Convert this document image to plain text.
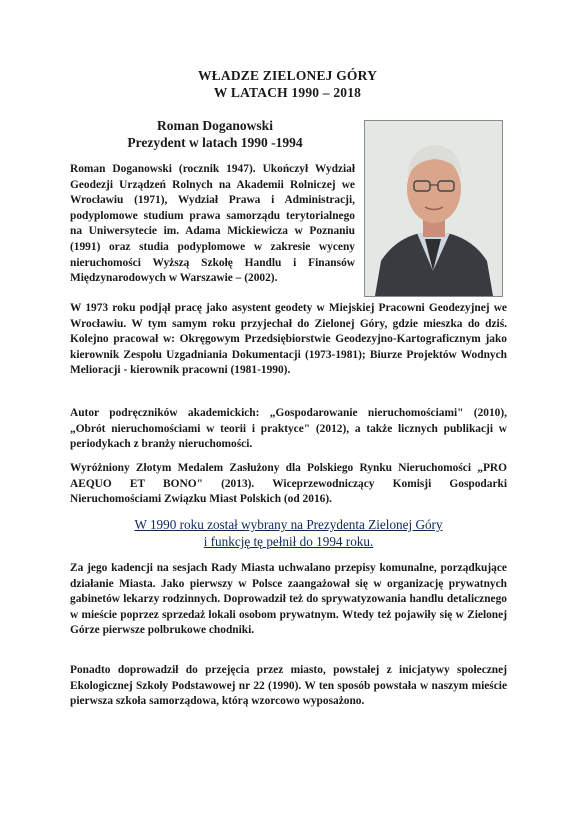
WŁADZE ZIELONEJ GÓRY
W LATACH 1990 – 2018
Roman Doganowski
Prezydent w latach 1990 -1994
Roman Doganowski (rocznik 1947). Ukończył Wydział Geodezji Urządzeń Rolnych na Akademii Rolniczej we Wrocławiu (1971), Wydział Prawa i Administracji, podyplomowe studium prawa samorządu terytorialnego na Uniwersytecie im. Adama Mickiewicza w Poznaniu (1991) oraz studia podyplomowe w zakresie wyceny nieruchomości Wyższą Szkołę Handlu i Finansów Międzynarodowych w Warszawie – (2002).
W 1973 roku podjął pracę jako asystent geodety w Miejskiej Pracowni Geodezyjnej we Wrocławiu. W tym samym roku przyjechał do Zielonej Góry, gdzie mieszka do dziś. Kolejno pracował w: Okręgowym Przedsiębiorstwie Geodezyjno-Kartograficznym jako kierownik Zespołu Uzgadniania Dokumentacji (1973-1981); Biurze Projektów Wodnych Melioracji - kierownik pracowni (1981-1990).
Autor podręczników akademickich: „Gospodarowanie nieruchomościami" (2010), „Obrót nieruchomościami w teorii i praktyce" (2012), a także licznych publikacji w periodykach z branży nieruchomości.
Wyróżniony Złotym Medalem Zasłużony dla Polskiego Rynku Nieruchomości „PRO AEQUO ET BONO" (2013). Wiceprzewodniczący Komisji Gospodarki Nieruchomościami Związku Miast Polskich (od 2016).
W 1990 roku został wybrany na Prezydenta Zielonej Góry
i funkcję tę pełnił do 1994 roku.
Za jego kadencji na sesjach Rady Miasta uchwalano przepisy komunalne, porządkujące działanie Miasta. Jako pierwszy w Polsce zaangażował się w organizację prywatnych gabinetów lekarzy rodzinnych. Doprowadził też do sprywatyzowania handlu detalicznego w mieście poprzez sprzedaż lokali osobom prywatnym. Wtedy też pojawiły się w Zielonej Górze pierwsze polbrukowe chodniki.
Ponadto doprowadził do przejęcia przez miasto, powstałej z inicjatywy społecznej Ekologicznej Szkoły Podstawowej nr 22 (1990). W ten sposób powstała w naszym mieście pierwsza szkoła samorządowa, którą wzorcowo wyposażono.
